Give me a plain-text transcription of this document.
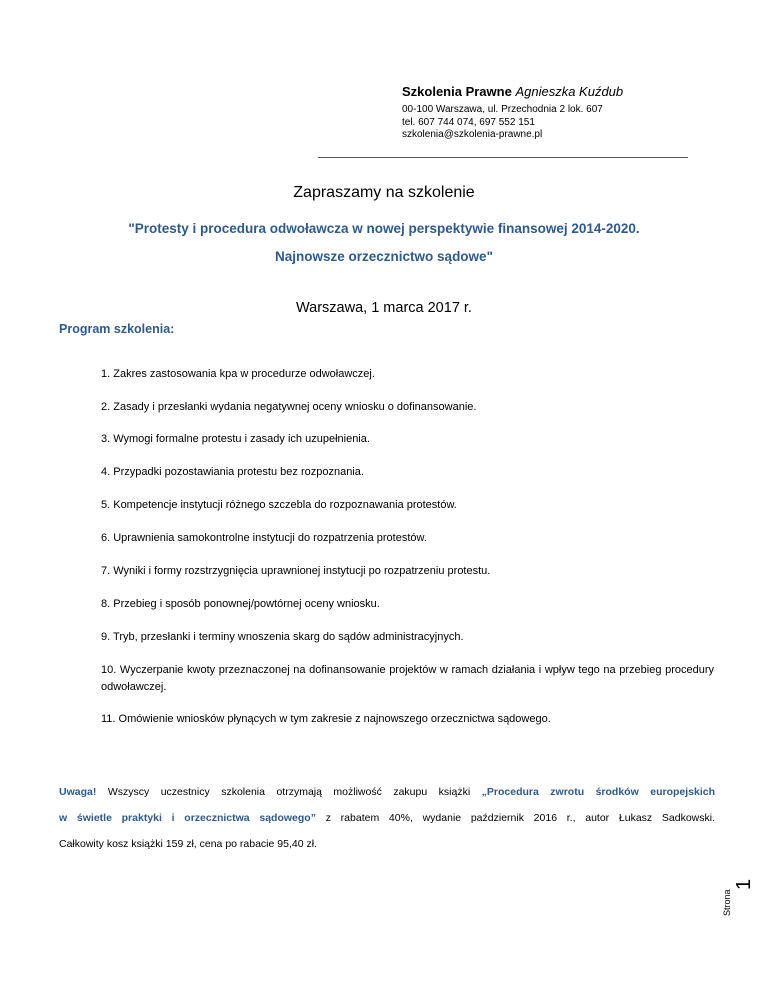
Szkolenia Prawne Agnieszka Kuźdub
00-100 Warszawa, ul. Przechodnia 2 lok. 607
tel. 607 744 074, 697 552 151
szkolenia@szkolenia-prawne.pl
Zapraszamy na szkolenie
"Protesty i procedura odwoławcza w nowej perspektywie finansowej 2014-2020.
Najnowsze orzecznictwo sądowe"
Warszawa, 1 marca 2017 r.
Program szkolenia:
1. Zakres zastosowania kpa w procedurze odwoławczej.
2. Zasady i przesłanki wydania negatywnej oceny wniosku o dofinansowanie.
3. Wymogi formalne protestu i zasady ich uzupełnienia.
4. Przypadki pozostawiania protestu bez rozpoznania.
5. Kompetencje instytucji różnego szczebla do rozpoznawania protestów.
6. Uprawnienia samokontrolne instytucji do rozpatrzenia protestów.
7. Wyniki i formy rozstrzygnięcia uprawnionej instytucji po rozpatrzeniu protestu.
8. Przebieg i sposób ponownej/powtórnej oceny wniosku.
9. Tryb, przesłanki i terminy wnoszenia skarg do sądów administracyjnych.
10. Wyczerpanie kwoty przeznaczonej na dofinansowanie projektów w ramach działania i wpływ tego na przebieg procedury odwoławczej.
11. Omówienie wniosków płynących w tym zakresie z najnowszego orzecznictwa sądowego.
Uwaga! Wszyscy uczestnicy szkolenia otrzymają możliwość zakupu książki „Procedura zwrotu środków europejskich
w świetle praktyki i orzecznictwa sądowego” z rabatem 40%, wydanie październik 2016 r., autor Łukasz Sadkowski.
Całkowity kosz książki 159 zł, cena po rabacie 95,40 zł.
Strona
1
